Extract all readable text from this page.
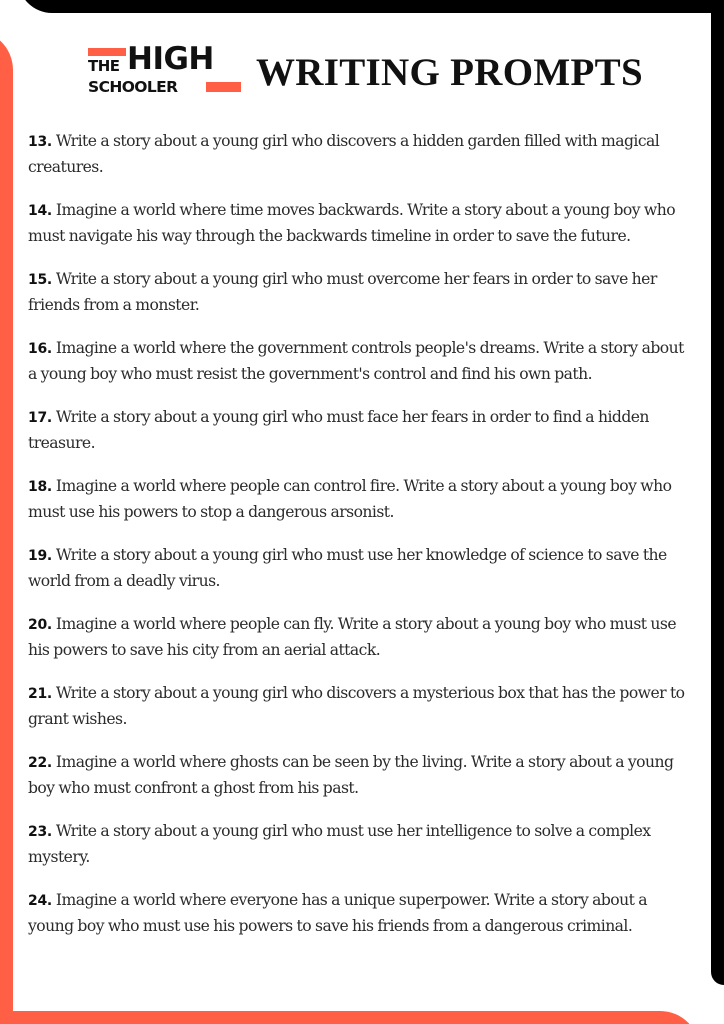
THE HIGH
SCHOOLER WRITING PROMPTS
13. Write a story about a young girl who discovers a hidden garden filled with magical creatures.
14. Imagine a world where time moves backwards. Write a story about a young boy who must navigate his way through the backwards timeline in order to save the future.
15. Write a story about a young girl who must overcome her fears in order to save her friends from a monster.
16. Imagine a world where the government controls people's dreams. Write a story about a young boy who must resist the government's control and find his own path.
17. Write a story about a young girl who must face her fears in order to find a hidden treasure.
18. Imagine a world where people can control fire. Write a story about a young boy who must use his powers to stop a dangerous arsonist.
19. Write a story about a young girl who must use her knowledge of science to save the world from a deadly virus.
20. Imagine a world where people can fly. Write a story about a young boy who must use his powers to save his city from an aerial attack.
21. Write a story about a young girl who discovers a mysterious box that has the power to grant wishes.
22. Imagine a world where ghosts can be seen by the living. Write a story about a young boy who must confront a ghost from his past.
23. Write a story about a young girl who must use her intelligence to solve a complex mystery.
24. Imagine a world where everyone has a unique superpower. Write a story about a young boy who must use his powers to save his friends from a dangerous criminal.
